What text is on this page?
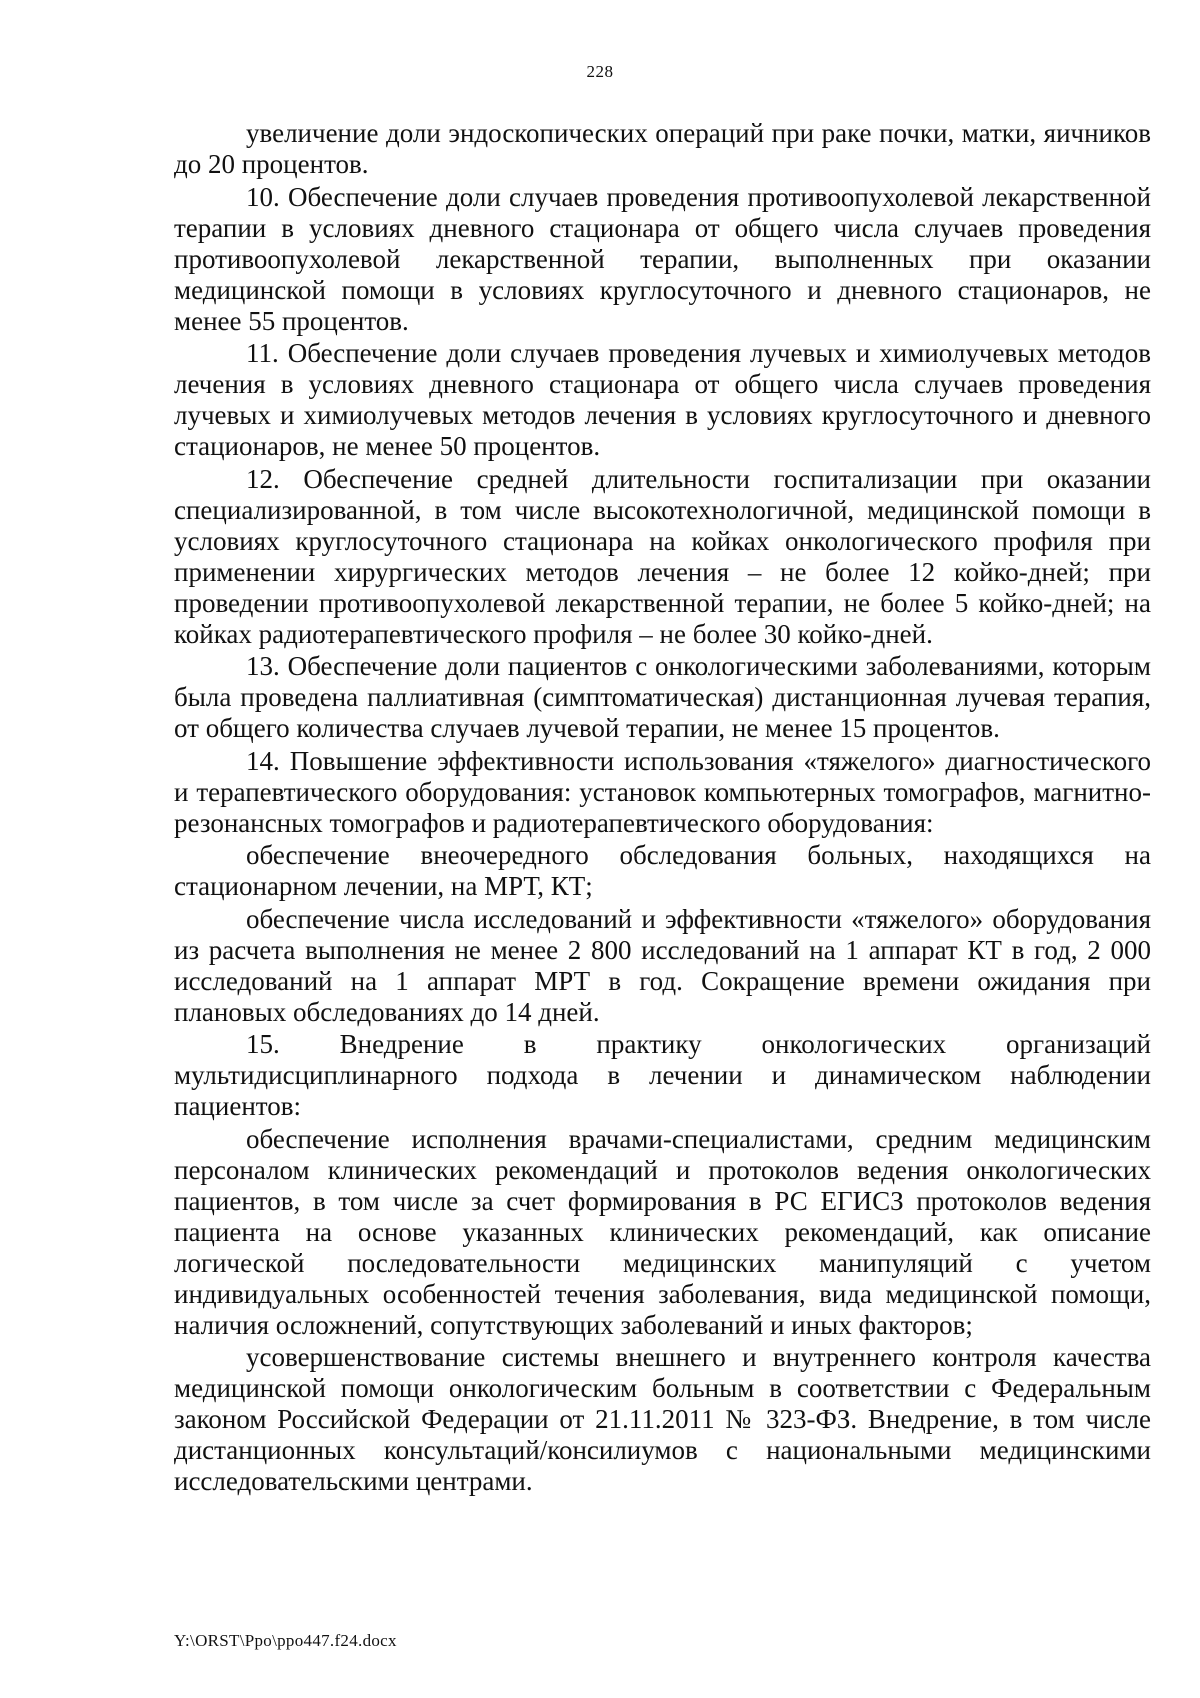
228

увеличение доли эндоскопических операций при раке почки, матки, яичников до 20 процентов.

10. Обеспечение доли случаев проведения противоопухолевой лекарственной терапии в условиях дневного стационара от общего числа случаев проведения противоопухолевой лекарственной терапии, выполненных при оказании медицинской помощи в условиях круглосуточного и дневного стационаров, не менее 55 процентов.

11. Обеспечение доли случаев проведения лучевых и химиолучевых методов лечения в условиях дневного стационара от общего числа случаев проведения лучевых и химиолучевых методов лечения в условиях круглосуточного и дневного стационаров, не менее 50 процентов.

12. Обеспечение средней длительности госпитализации при оказании специализированной, в том числе высокотехнологичной, медицинской помощи в условиях круглосуточного стационара на койках онкологического профиля при применении хирургических методов лечения – не более 12 койко-дней; при проведении противоопухолевой лекарственной терапии, не более 5 койко-дней; на койках радиотерапевтического профиля – не более 30 койко-дней.

13. Обеспечение доли пациентов с онкологическими заболеваниями, которым была проведена паллиативная (симптоматическая) дистанционная лучевая терапия, от общего количества случаев лучевой терапии, не менее 15 процентов.

14. Повышение эффективности использования «тяжелого» диагностического и терапевтического оборудования: установок компьютерных томографов, магнитно-резонансных томографов и радиотерапевтического оборудования:

обеспечение внеочередного обследования больных, находящихся на стационарном лечении, на МРТ, КТ;

обеспечение числа исследований и эффективности «тяжелого» оборудования из расчета выполнения не менее 2 800 исследований на 1 аппарат КТ в год, 2 000 исследований на 1 аппарат МРТ в год. Сокращение времени ожидания при плановых обследованиях до 14 дней.

15. Внедрение в практику онкологических организаций мультидисциплинарного подхода в лечении и динамическом наблюдении пациентов:

обеспечение исполнения врачами-специалистами, средним медицинским персоналом клинических рекомендаций и протоколов ведения онкологических пациентов, в том числе за счет формирования в РС ЕГИСЗ протоколов ведения пациента на основе указанных клинических рекомендаций, как описание логической последовательности медицинских манипуляций с учетом индивидуальных особенностей течения заболевания, вида медицинской помощи, наличия осложнений, сопутствующих заболеваний и иных факторов;

усовершенствование системы внешнего и внутреннего контроля качества медицинской помощи онкологическим больным в соответствии с Федеральным законом Российской Федерации от 21.11.2011 № 323-ФЗ. Внедрение, в том числе дистанционных консультаций/консилиумов с национальными медицинскими исследовательскими центрами.

Y:\ORST\Ppo\ppo447.f24.docx
